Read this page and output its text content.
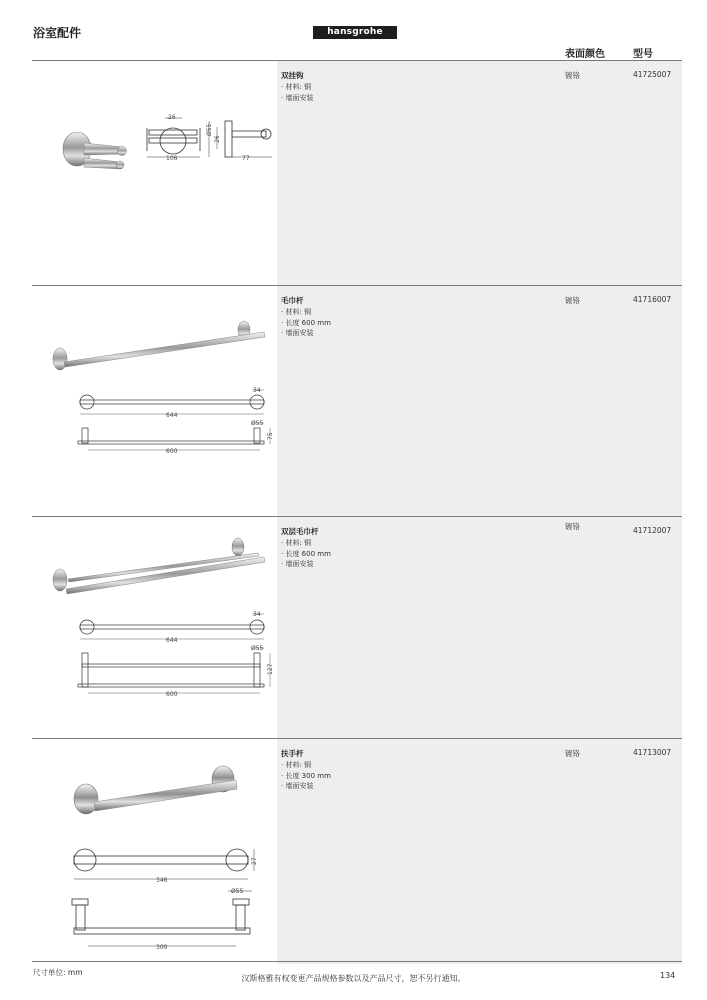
浴室配件	hansgrohe
表面颜色	型号
26
106
Ø55
26
77
双挂钩
· 材料: 铜
· 墙面安装
镀铬	41725007
644
34
Ø55
75
600
毛巾杆
· 材料: 铜
· 长度 600 mm
· 墙面安装
镀铬	41716007
644
34
Ø55
127
600
双层毛巾杆
· 材料: 铜
· 长度 600 mm
· 墙面安装
镀铬	41712007
346
27
Ø55
300
扶手杆
· 材料: 铜
· 长度 300 mm
· 墙面安装
镀铬	41713007
尺寸单位: mm
汉斯格雅有权变更产品规格参数以及产品尺寸，恕不另行通知。	134
